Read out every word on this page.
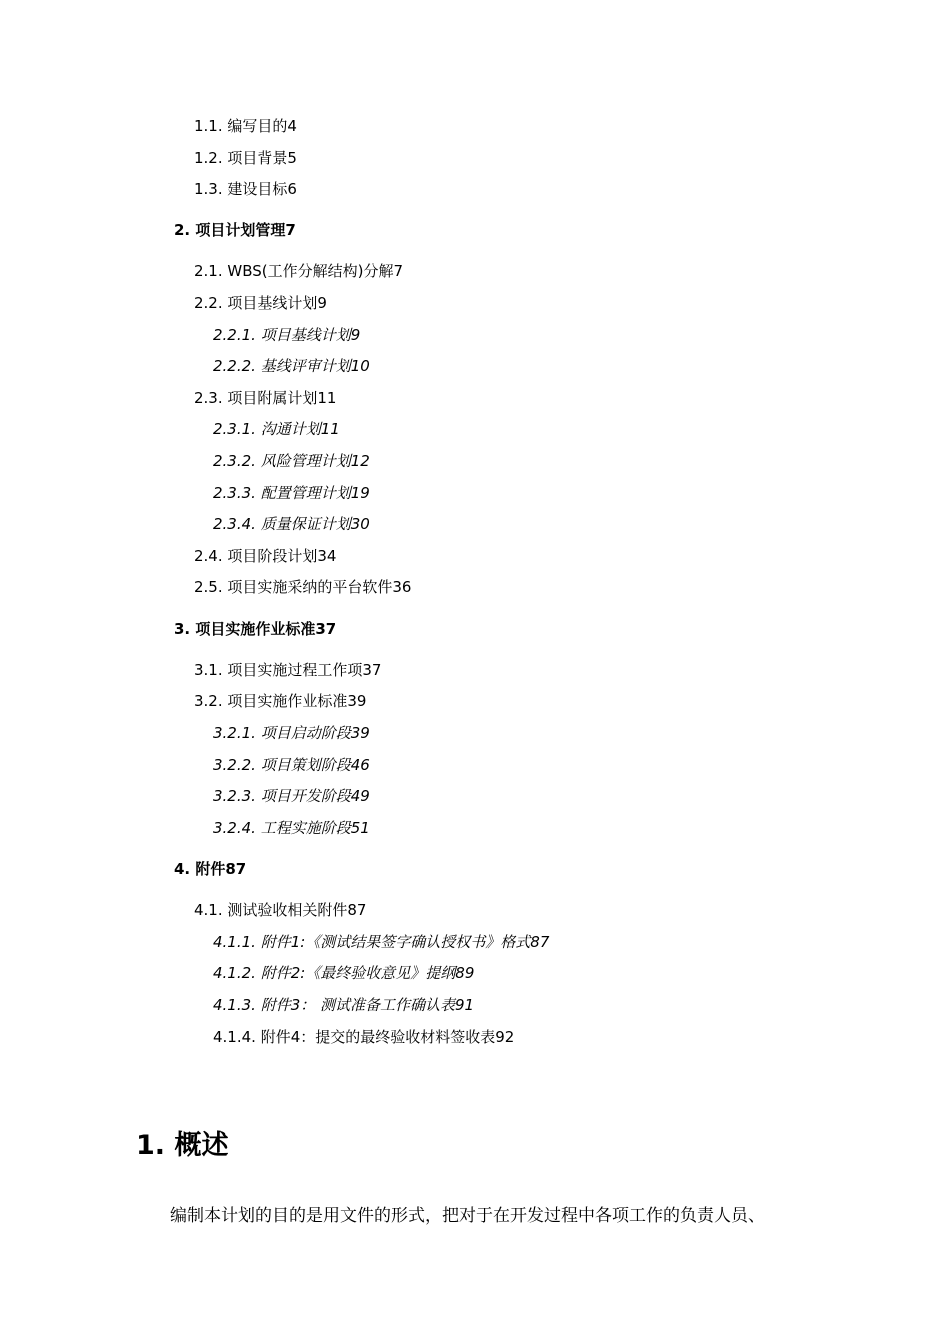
1.1. 编写目的4
1.2. 项目背景5
1.3. 建设目标6
2. 项目计划管理7
2.1. WBS(工作分解结构)分解7
2.2. 项目基线计划9
2.2.1. 项目基线计划9
2.2.2. 基线评审计划10
2.3. 项目附属计划11
2.3.1. 沟通计划11
2.3.2. 风险管理计划12
2.3.3. 配置管理计划19
2.3.4. 质量保证计划30
2.4. 项目阶段计划34
2.5. 项目实施采纳的平台软件36
3. 项目实施作业标准37
3.1. 项目实施过程工作项37
3.2. 项目实施作业标准39
3.2.1. 项目启动阶段39
3.2.2. 项目策划阶段46
3.2.3. 项目开发阶段49
3.2.4. 工程实施阶段51
4. 附件87
4.1. 测试验收相关附件87
4.1.1. 附件1:《测试结果签字确认授权书》格式87
4.1.2. 附件2:《最终验收意见》提纲89
4.1.3. 附件3： 测试准备工作确认表91
4.1.4. 附件4：提交的最终验收材料签收表92
1. 概述
编制本计划的目的是用文件的形式，把对于在开发过程中各项工作的负责人员、
